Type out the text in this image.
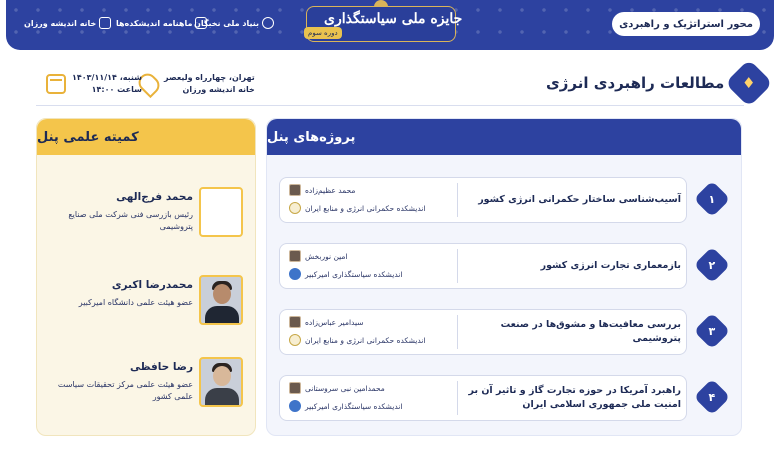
خانه اندیشه ورزان ماهنامه اندیشکده‌ها بنیاد ملی نخبگان	جایزه ملی سیاستگذاری
دوره سوم
محور استراتژیک و راهبردی
♦
مطالعات راهبردی انرژی
تهران، چهارراه ولیعصر
خانه اندیشه ورزان
شنبه، ۱۴۰۳/۱۱/۱۴
ساعت ۱۴:۰۰
کمیته علمی پنل
محمد فرج‌الهی
رئیس بازرسی فنی شرکت ملی صنایع پتروشیمی
محمدرضا اکبری
عضو هیئت علمی دانشگاه امیرکبیر
رضا حافظی
عضو هیئت علمی مرکز تحقیقات سیاست علمی کشور
پروژه‌های پنل
آسیب‌شناسی ساختار حکمرانی انرژی کشور
محمد عظیم‌زاده
اندیشکده حکمرانی انرژی و منابع ایران
۱
بازمعماری تجارت انرژی کشور
امین نوربخش
اندیشکده سیاستگذاری امیرکبیر
۲
بررسی معافیت‌ها و مشوق‌ها در صنعت پتروشیمی
سیدامیر عباس‌زاده
اندیشکده حکمرانی انرژی و منابع ایران
۳
راهبرد آمریکا در حوزه تجارت گاز و تاثیر آن بر امنیت ملی جمهوری اسلامی ایران
محمدامین نبی سروستانی
اندیشکده سیاستگذاری امیرکبیر
۴
